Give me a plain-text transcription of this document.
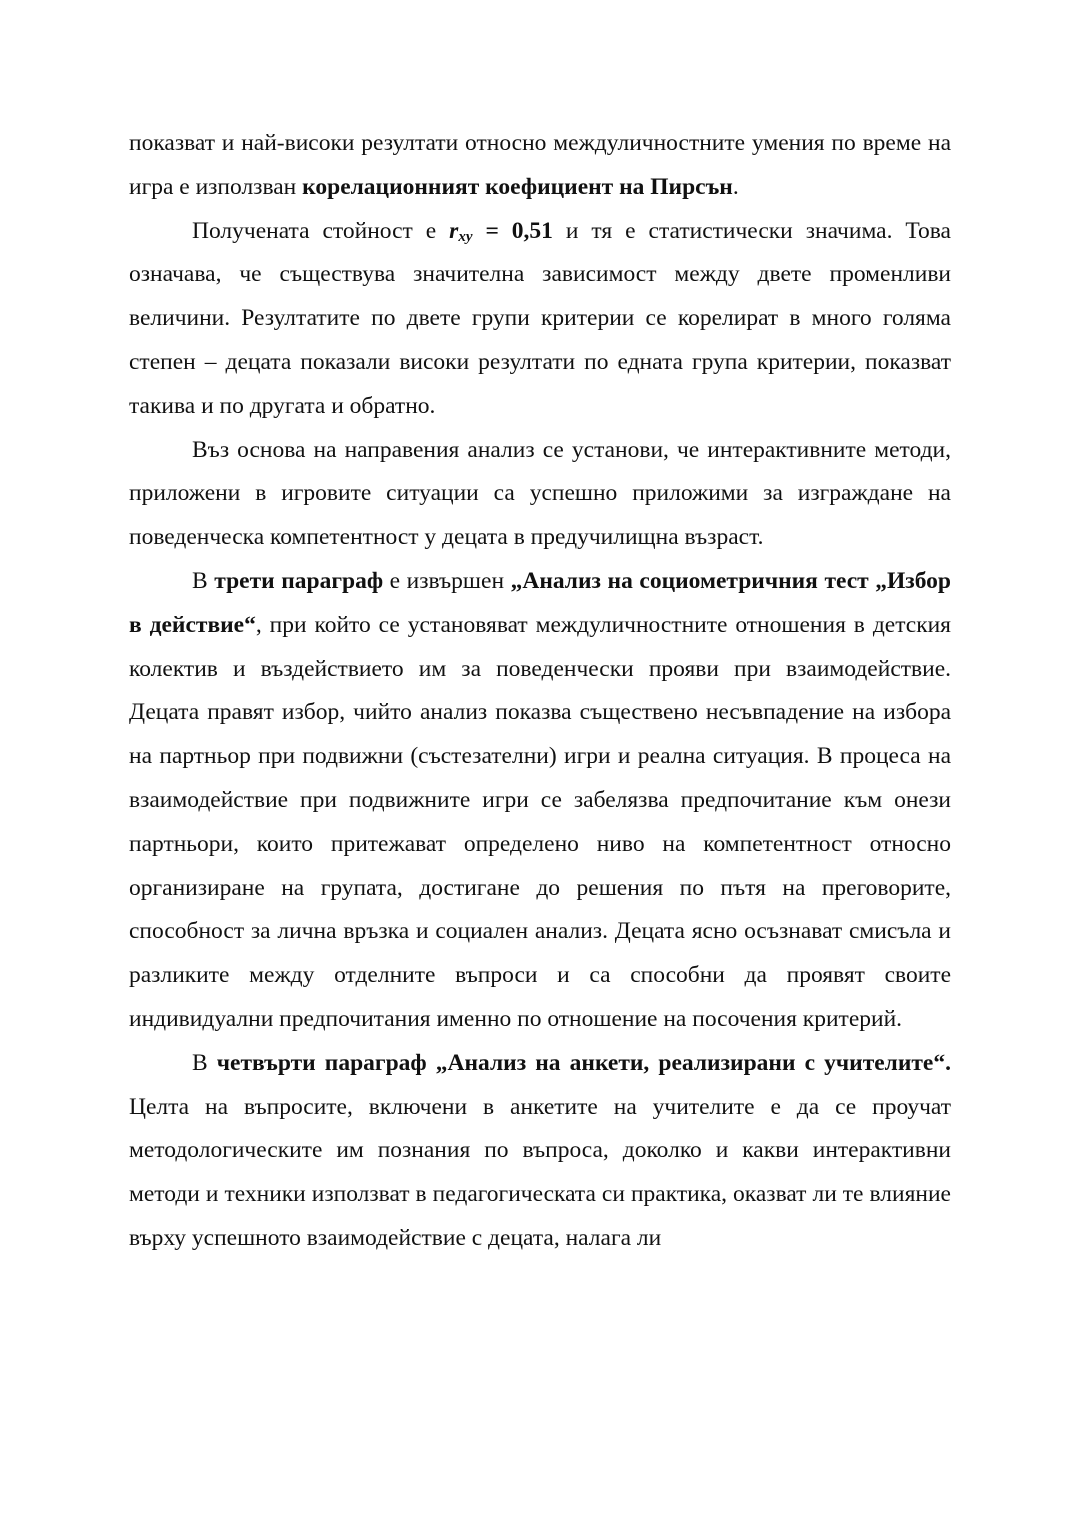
показват и най-високи резултати относно междуличностните умения по време на игра е използван корелационният коефициент на Пирсън.

Получената стойност е $r_{xy} = 0,51$ и тя е статистически значима. Това означава, че съществува значителна зависимост между двете променливи величини. Резултатите по двете групи критерии се корелират в много голяма степен – децата показали високи резултати по едната група критерии, показват такива и по другата и обратно.

Въз основа на направения анализ се установи, че интерактивните методи, приложени в игровите ситуации са успешно приложими за изграждане на поведенческа компетентност у децата в предучилищна възраст.

В трети параграф е извършен „Анализ на социометричния тест „Избор в действие“, при който се установяват междуличностните отношения в детския колектив и въздействието им за поведенчески прояви при взаимодействие. Децата правят избор, чийто анализ показва съществено несъвпадение на избора на партньор при подвижни (състезателни) игри и реална ситуация. В процеса на взаимодействие при подвижните игри се забелязва предпочитание към онези партньори, които притежават определено ниво на компетентност относно организиране на групата, достигане до решения по пътя на преговорите, способност за лична връзка и социален анализ. Децата ясно осъзнават смисъла и разликите между отделните въпроси и са способни да проявят своите индивидуални предпочитания именно по отношение на посочения критерий.

В четвърти параграф „Анализ на анкети, реализирани с учителите“. Целта на въпросите, включени в анкетите на учителите е да се проучат методологическите им познания по въпроса, доколко и какви интерактивни методи и техники използват в педагогическата си практика, оказват ли те влияние върху успешното взаимодействие с децата, налага ли
